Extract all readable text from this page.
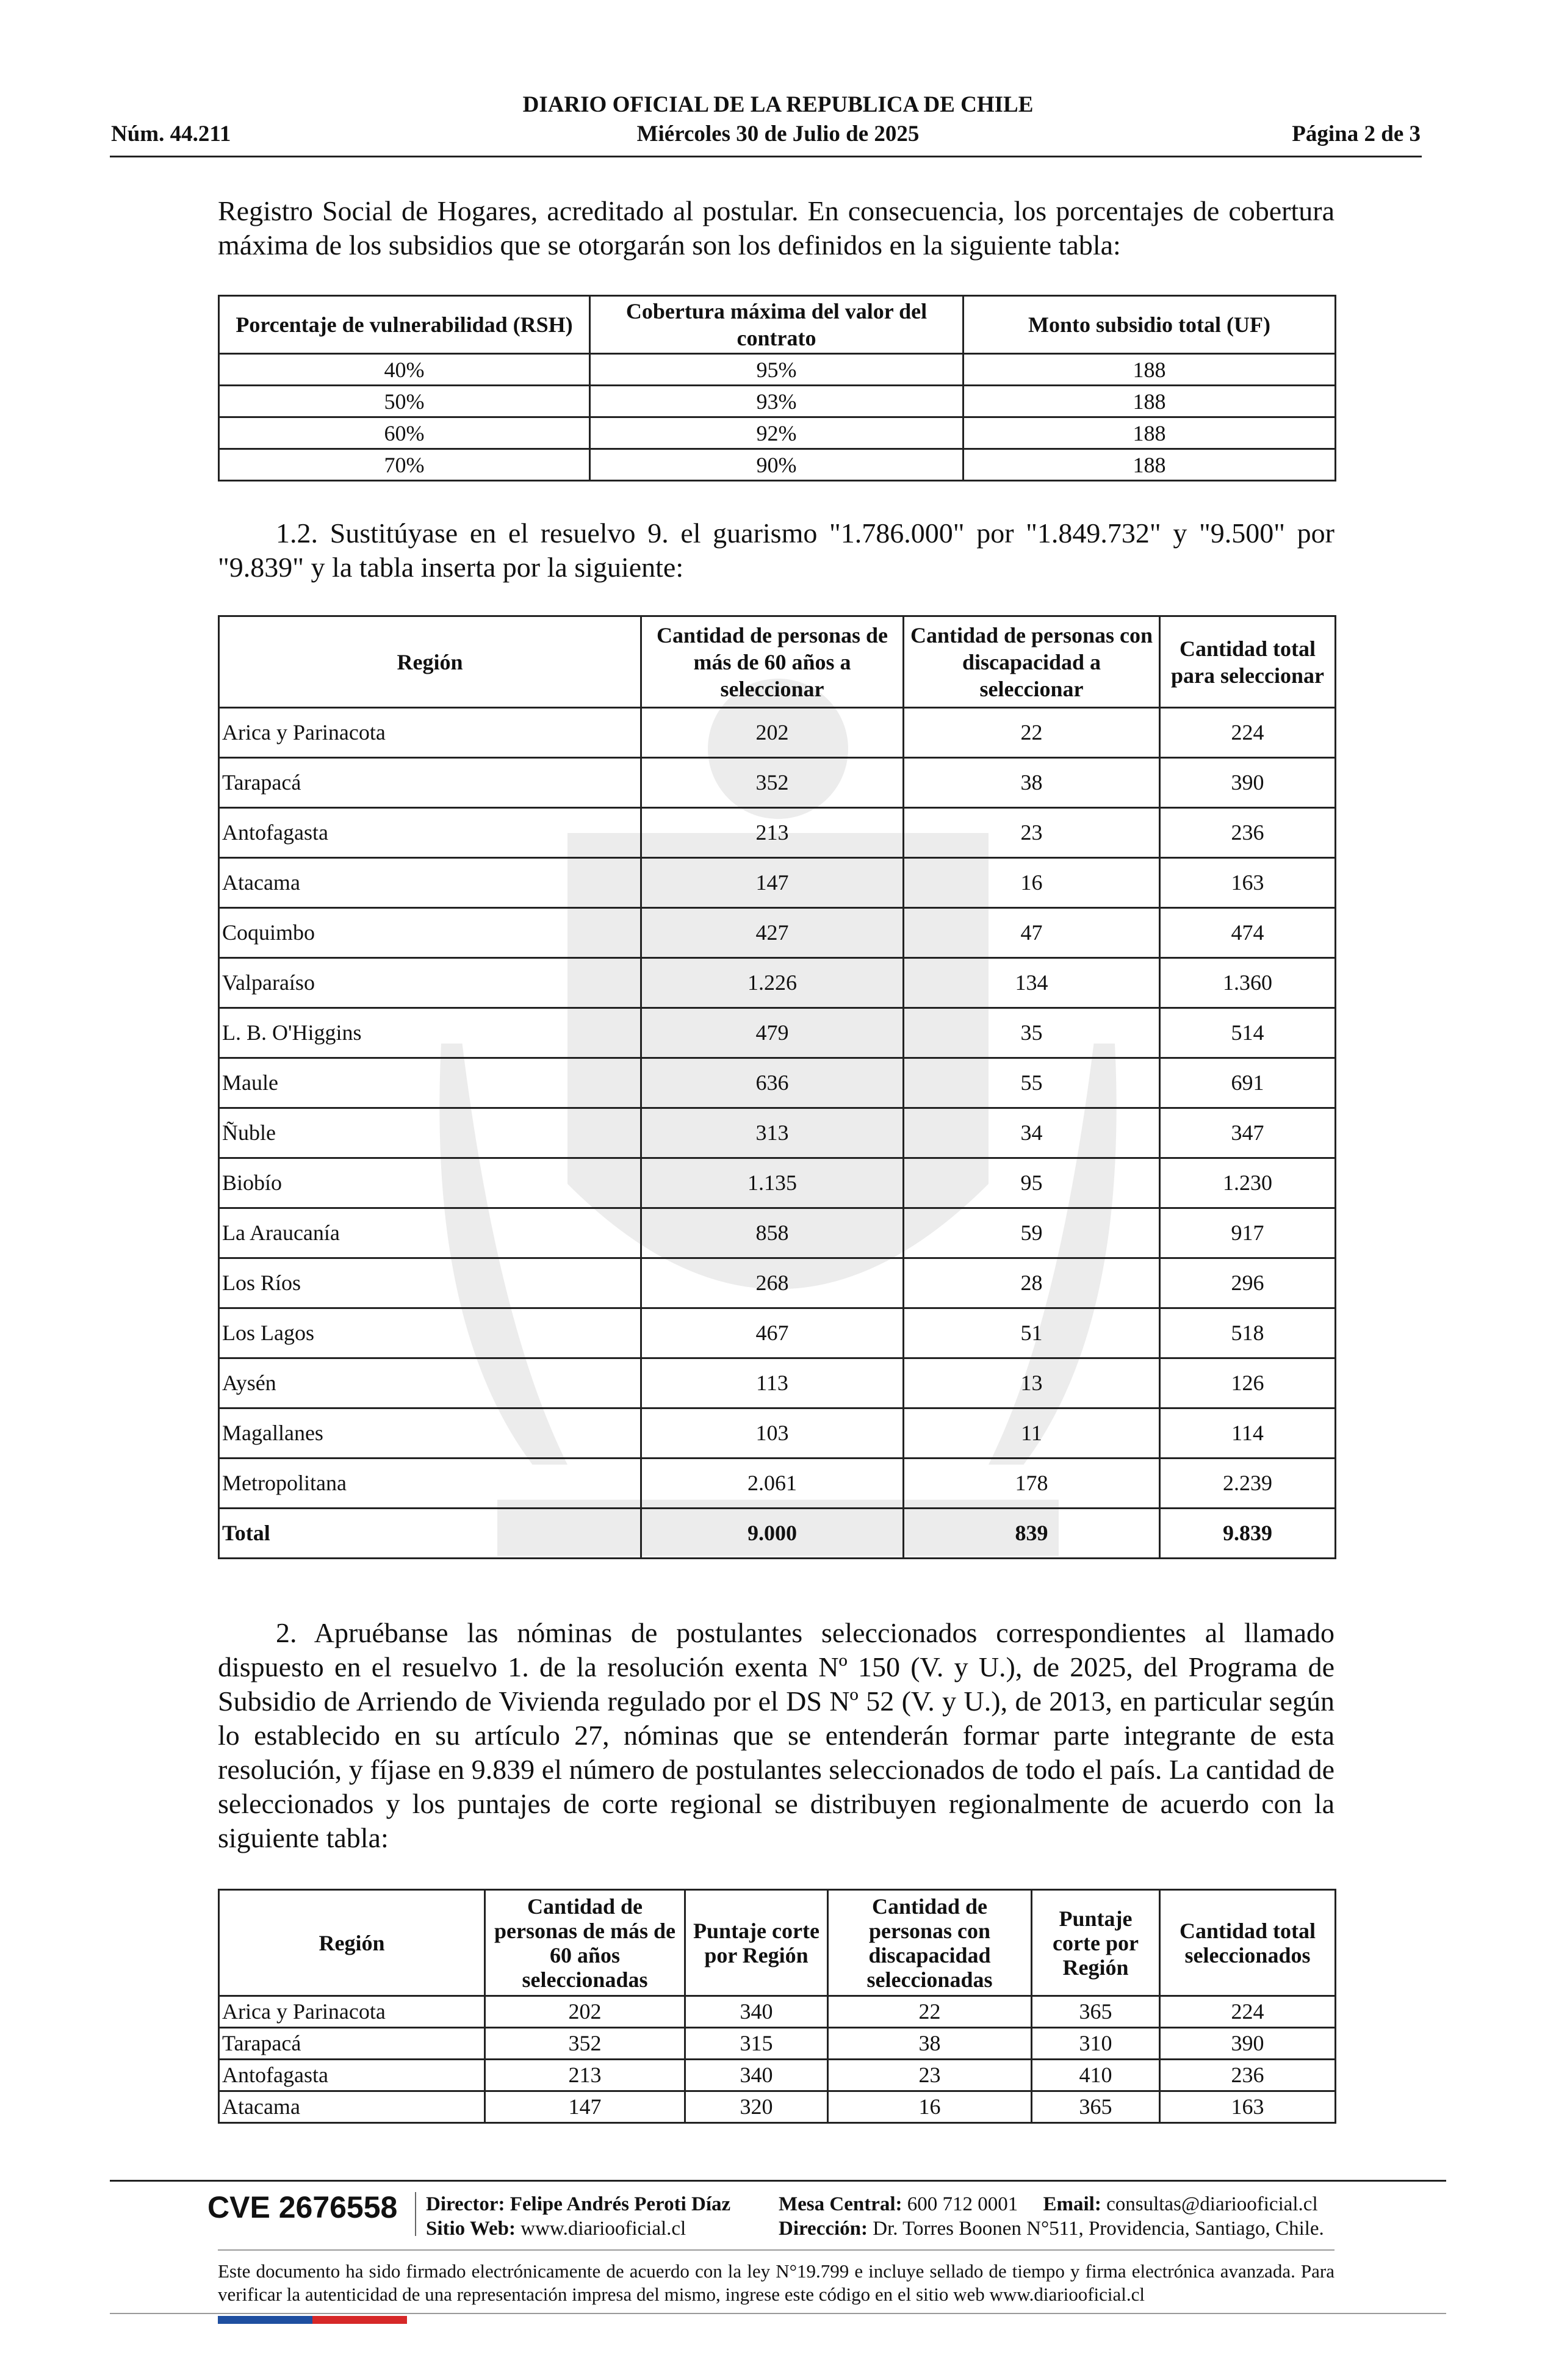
DIARIO OFICIAL DE LA REPUBLICA DE CHILE
Núm. 44.211	Miércoles 30 de Julio de 2025	Página 2 de 3
Registro Social de Hogares, acreditado al postular. En consecuencia, los porcentajes de cobertura máxima de los subsidios que se otorgarán son los definidos en la siguiente tabla:
Porcentaje de vulnerabilidad (RSH)	Cobertura máxima del valor del contrato	Monto subsidio total (UF)
40%	95%	188
50%	93%	188
60%	92%	188
70%	90%	188
1.2. Sustitúyase en el resuelvo 9. el guarismo "1.786.000" por "1.849.732" y "9.500" por "9.839" y la tabla inserta por la siguiente:
Región	Cantidad de personas de más de 60 años a seleccionar	Cantidad de personas con discapacidad a seleccionar	Cantidad total para seleccionar
Arica y Parinacota	202	22	224
Tarapacá	352	38	390
Antofagasta	213	23	236
Atacama	147	16	163
Coquimbo	427	47	474
Valparaíso	1.226	134	1.360
L. B. O'Higgins	479	35	514
Maule	636	55	691
Ñuble	313	34	347
Biobío	1.135	95	1.230
La Araucanía	858	59	917
Los Ríos	268	28	296
Los Lagos	467	51	518
Aysén	113	13	126
Magallanes	103	11	114
Metropolitana	2.061	178	2.239
Total	9.000	839	9.839
2. Apruébanse las nóminas de postulantes seleccionados correspondientes al llamado dispuesto en el resuelvo 1. de la resolución exenta Nº 150 (V. y U.), de 2025, del Programa de Subsidio de Arriendo de Vivienda regulado por el DS Nº 52 (V. y U.), de 2013, en particular según lo establecido en su artículo 27, nóminas que se entenderán formar parte integrante de esta resolución, y fíjase en 9.839 el número de postulantes seleccionados de todo el país. La cantidad de seleccionados y los puntajes de corte regional se distribuyen regionalmente de acuerdo con la siguiente tabla:
Región	Cantidad de personas de más de 60 años seleccionadas	Puntaje corte por Región	Cantidad de personas con discapacidad seleccionadas	Puntaje corte por Región	Cantidad total seleccionados
Arica y Parinacota	202	340	22	365	224
Tarapacá	352	315	38	310	390
Antofagasta	213	340	23	410	236
Atacama	147	320	16	365	163
CVE 2676558 Director: Felipe Andrés Peroti Díaz
Sitio Web: www.diariooficial.cl
Mesa Central: 600 712 0001 Email: consultas@diariooficial.cl
Dirección: Dr. Torres Boonen N°511, Providencia, Santiago, Chile.
Este documento ha sido firmado electrónicamente de acuerdo con la ley N°19.799 e incluye sellado de tiempo y firma electrónica avanzada. Para verificar la autenticidad de una representación impresa del mismo, ingrese este código en el sitio web www.diariooficial.cl
